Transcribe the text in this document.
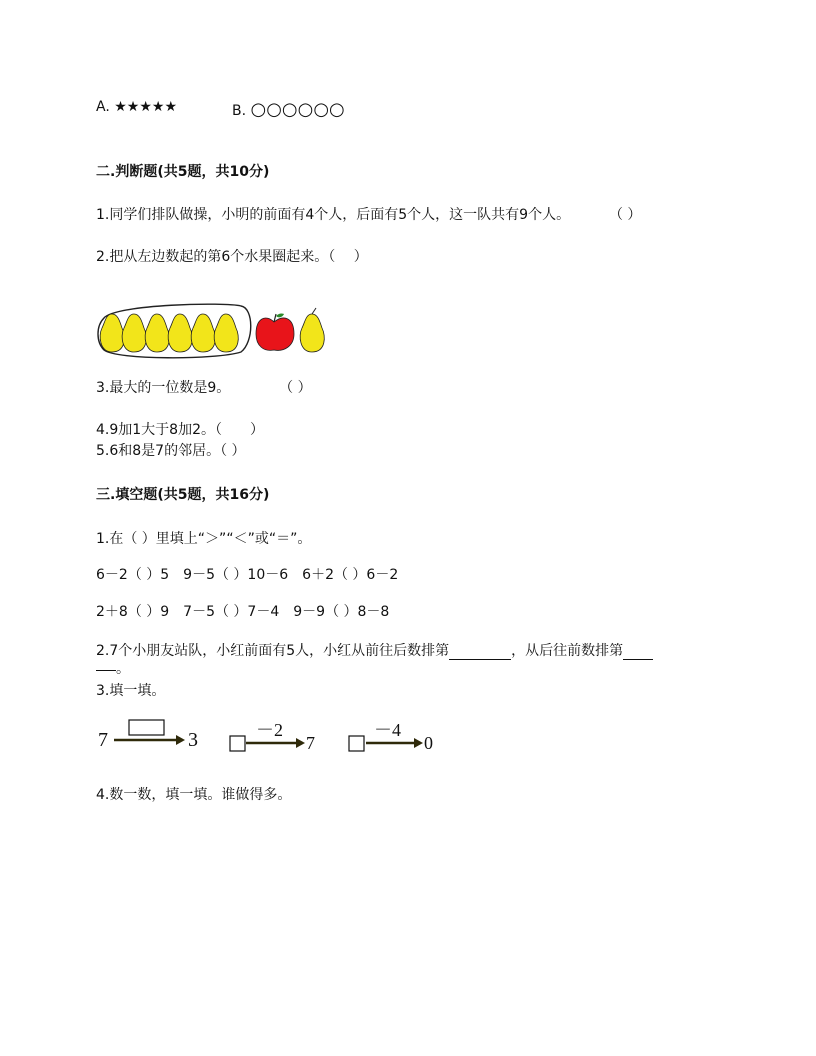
A. ★★★★★	B. ○○○○○○
二.判断题(共5题，共10分)
1.同学们排队做操，小明的前面有4个人，后面有5个人，这一队共有9个人。	（ ）
2.把从左边数起的第6个水果圈起来。（　 ）
3.最大的一位数是9。	（ ）
4.9加1大于8加2。（　　）
5.6和8是7的邻居。（ ）
三.填空题(共5题，共16分)
1.在（ ）里填上“＞”“＜”或“＝”。
6－2（ ）5　9－5（ ）10－6　6＋2（ ）6－2
2＋8（ ）9　7－5（ ）7－4　9－9（ ）8－8
2.7个小朋友站队，小红前面有5人，小红从前往后数排第	，从后往前数排第
。
3.填一填。
7	3	－2
7
－4
0
4.数一数，填一填。谁做得多。
